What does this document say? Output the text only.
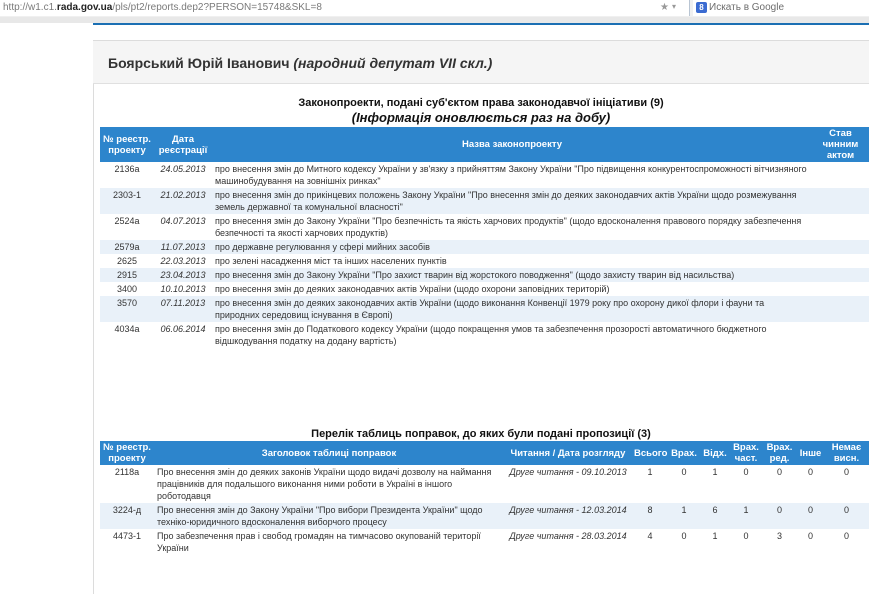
http://w1.c1.rada.gov.ua/pls/pt2/reports.dep2?PERSON=15748&SKL=8	★ ▾	8 Искать в Google
Боярський Юрій Іванович (народний депутат VII скл.)
Законопроекти, подані суб'єктом права законодавчої ініціативи (9)
(Інформація оновлюється раз на добу)
№ реестр. проекту	Дата реєстрації	Назва законопроекту	Став чинним актом
2136а	24.05.2013	про внесення змін до Митного кодексу України у зв'язку з прийняттям Закону України "Про підвищення конкурентоспроможності вітчизняного машинобудування на зовнішніх ринках"	
2303-1	21.02.2013	про внесення змін до прикінцевих положень Закону України "Про внесення змін до деяких законодавчих актів України щодо розмежування земель державної та комунальної власності"	
2524а	04.07.2013	про внесення змін до Закону України "Про безпечність та якість харчових продуктів" (щодо вдосконалення правового порядку забезпечення безпечності та якості харчових продуктів)	
2579а	11.07.2013	про державне регулювання у сфері мийних засобів	
2625	22.03.2013	про зелені насадження міст та інших населених пунктів	
2915	23.04.2013	про внесення змін до Закону України "Про захист тварин від жорстокого поводження" (щодо захисту тварин від насильства)	
3400	10.10.2013	про внесення змін до деяких законодавчих актів України (щодо охорони заповідних територій)	
3570	07.11.2013	про внесення змін до деяких законодавчих актів України (щодо виконання Конвенції 1979 року про охорону дикої флори і фауни та природних середовищ існування в Європі)	
4034а	06.06.2014	про внесення змін до Податкового кодексу України (щодо покращення умов та забезпечення прозорості автоматичного бюджетного відшкодування податку на додану вартість)	
Перелік таблиць поправок, до яких були подані пропозиції (3)
№ реестр. проекту	Заголовок таблиці поправок	Читання / Дата розгляду	Всього	Врах.	Відх.	Врах. част.	Врах. ред.	Інше	Немає висн.
2118а	Про внесення змін до деяких законів України щодо видачі дозволу на наймання працівників для подальшого виконання ними роботи в Україні в іншого роботодавця	Друге читання - 09.10.2013	1	0	1	0	0	0	0
3224-д	Про внесення змін до Закону України "Про вибори Президента України" щодо техніко-юридичного вдосконалення виборчого процесу	Друге читання - 12.03.2014	8	1	6	1	0	0	0
4473-1	Про забезпечення прав і свобод громадян на тимчасово окупованій території України	Друге читання - 28.03.2014	4	0	1	0	3	0	0
